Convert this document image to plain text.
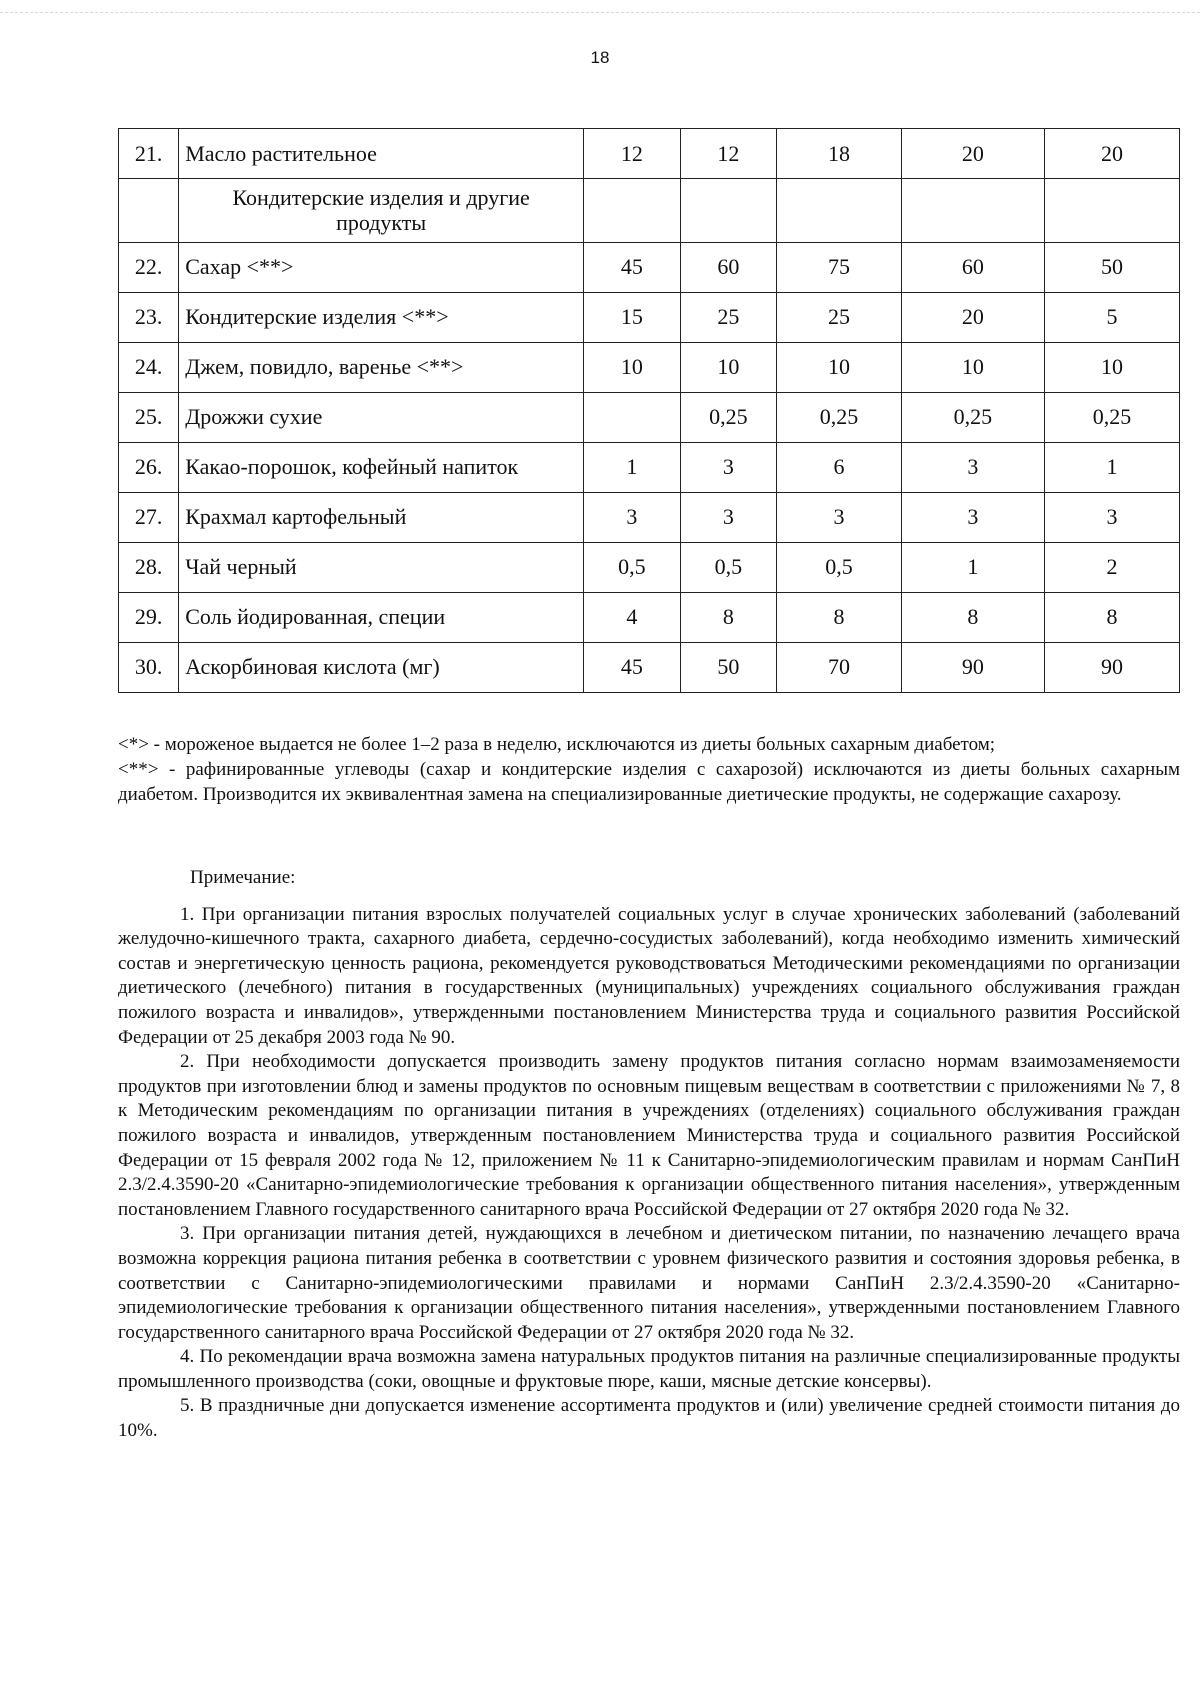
18
21.	Масло растительное	12	12	18	20	20
	Кондитерские изделия и другие продукты					
22.	Сахар <**>	45	60	75	60	50
23.	Кондитерские изделия <**>	15	25	25	20	5
24.	Джем, повидло, варенье <**>	10	10	10	10	10
25.	Дрожжи сухие		0,25	0,25	0,25	0,25
26.	Какао-порошок, кофейный напиток	1	3	6	3	1
27.	Крахмал картофельный	3	3	3	3	3
28.	Чай черный	0,5	0,5	0,5	1	2
29.	Соль йодированная, специи	4	8	8	8	8
30.	Аскорбиновая кислота (мг)	45	50	70	90	90

<*> - мороженое выдается не более 1–2 раза в неделю, исключаются из диеты больных сахарным диабетом;

<**> - рафинированные углеводы (сахар и кондитерские изделия с сахарозой) исключаются из диеты больных сахарным диабетом. Производится их эквивалентная замена на специализированные диетические продукты, не содержащие сахарозу.

Примечание:

1. При организации питания взрослых получателей социальных услуг в случае хронических заболеваний (заболеваний желудочно-кишечного тракта, сахарного диабета, сердечно-сосудистых заболеваний), когда необходимо изменить химический состав и энергетическую ценность рациона, рекомендуется руководствоваться Методическими рекомендациями по организации диетического (лечебного) питания в государственных (муниципальных) учреждениях социального обслуживания граждан пожилого возраста и инвалидов», утвержденными постановлением Министерства труда и социального развития Российской Федерации от 25 декабря 2003 года № 90.

2. При необходимости допускается производить замену продуктов питания согласно нормам взаимозаменяемости продуктов при изготовлении блюд и замены продуктов по основным пищевым веществам в соответствии с приложениями № 7, 8 к Методическим рекомендациям по организации питания в учреждениях (отделениях) социального обслуживания граждан пожилого возраста и инвалидов, утвержденным постановлением Министерства труда и социального развития Российской Федерации от 15 февраля 2002 года № 12, приложением № 11 к Санитарно-эпидемиологическим правилам и нормам СанПиН 2.3/2.4.3590-20 «Санитарно-эпидемиологические требования к организации общественного питания населения», утвержденным постановлением Главного государственного санитарного врача Российской Федерации от 27 октября 2020 года № 32.

3. При организации питания детей, нуждающихся в лечебном и диетическом питании, по назначению лечащего врача возможна коррекция рациона питания ребенка в соответствии с уровнем физического развития и состояния здоровья ребенка, в соответствии с Санитарно-эпидемиологическими правилами и нормами СанПиН 2.3/2.4.3590-20 «Санитарно-эпидемиологические требования к организации общественного питания населения», утвержденными постановлением Главного государственного санитарного врача Российской Федерации от 27 октября 2020 года № 32.

4. По рекомендации врача возможна замена натуральных продуктов питания на различные специализированные продукты промышленного производства (соки, овощные и фруктовые пюре, каши, мясные детские консервы).

5. В праздничные дни допускается изменение ассортимента продуктов и (или) увеличение средней стоимости питания до 10%.
